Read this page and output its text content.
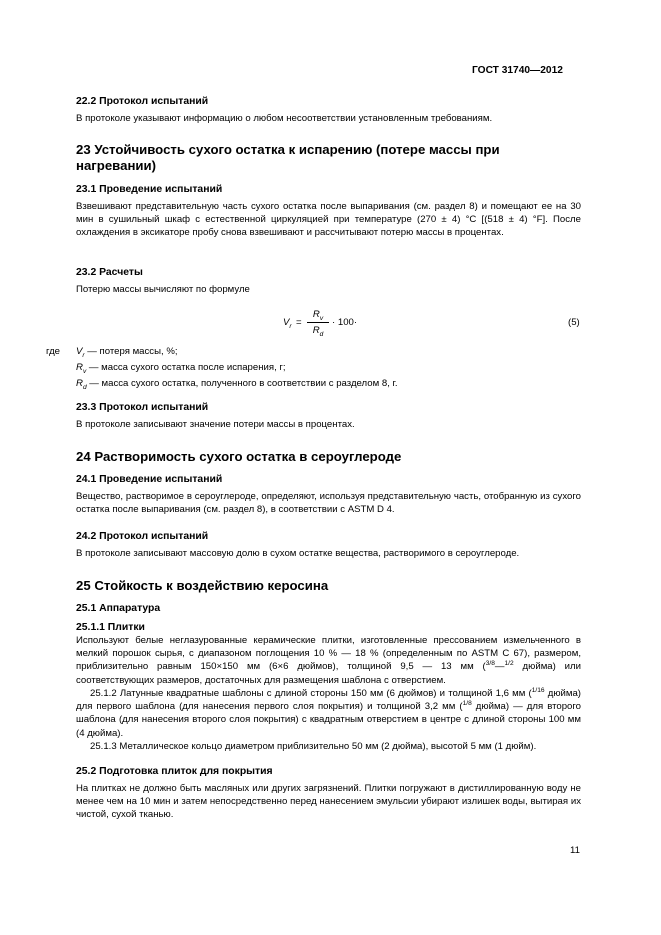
ГОСТ 31740—2012
22.2 Протокол испытаний
В протоколе указывают информацию о любом несоответствии установленным требованиям.
23 Устойчивость сухого остатка к испарению (потере массы при
нагревании)
23.1 Проведение испытаний
Взвешивают представительную часть сухого остатка после выпаривания (см. раздел 8) и помещают ее на 30 мин в сушильный шкаф с естественной циркуляцией при температуре (270 ± 4) °С [(518 ± 4) °F]. После охлаждения в эксикаторе пробу снова взвешивают и рассчитывают потерю массы в процентах.
23.2 Расчеты
Потерю массы вычисляют по формуле
$V_r$ =
$R_v$
$R_d$
· 100·	(5)
где $V_r$ — потеря массы, %;
$R_v$ — масса сухого остатка после испарения, г;
$R_d$ — масса сухого остатка, полученного в соответствии с разделом 8, г.
23.3 Протокол испытаний
В протоколе записывают значение потери массы в процентах.
24 Растворимость сухого остатка в сероуглероде
24.1 Проведение испытаний
Вещество, растворимое в сероуглероде, определяют, используя представительную часть, отобранную из сухого остатка после выпаривания (см. раздел 8), в соответствии с ASTM D 4.
24.2 Протокол испытаний
В протоколе записывают массовую долю в сухом остатке вещества, растворимого в сероуглероде.
25 Стойкость к воздействию керосина
25.1 Аппаратура
25.1.1 Плитки
Используют белые неглазурованные керамические плитки, изготовленные прессованием измельченного в мелкий порошок сырья, с диапазоном поглощения 10 % — 18 % (определенным по ASTM С 67), размером, приблизительно равным 150×150 мм (6×6 дюймов), толщиной 9,5 — 13 мм ($^{3/8}$—$^{1/2}$ дюйма) или соответствующих размеров, достаточных для размещения шаблона с отверстием.
25.1.2 Латунные квадратные шаблоны с длиной стороны 150 мм (6 дюймов) и толщиной 1,6 мм ($^{1/16}$ дюйма) для первого шаблона (для нанесения первого слоя покрытия) и толщиной 3,2 мм ($^{1/8}$ дюйма) — для второго шаблона (для нанесения второго слоя покрытия) с квадратным отверстием в центре с длиной стороны 100 мм (4 дюйма).
25.1.3 Металлическое кольцо диаметром приблизительно 50 мм (2 дюйма), высотой 5 мм (1 дюйм).
25.2 Подготовка плиток для покрытия
На плитках не должно быть масляных или других загрязнений. Плитки погружают в дистиллированную воду не менее чем на 10 мин и затем непосредственно перед нанесением эмульсии убирают излишек воды, вытирая их чистой, сухой тканью.
11
